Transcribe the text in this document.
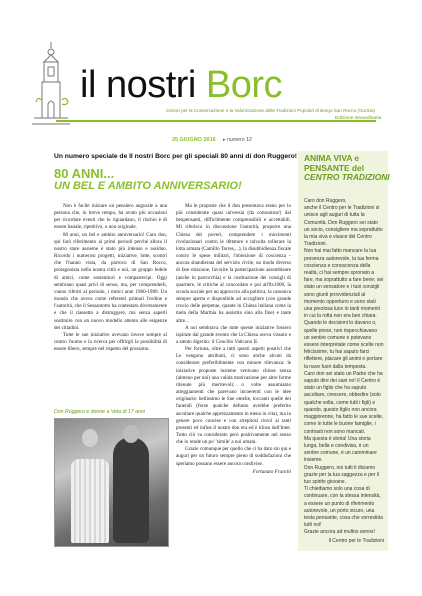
il nostri Borc
Centro per la Conservazione e la Valorizzazione delle Tradizioni Popolari di Borgo San Rocco (Gorizia)
Edizione straordinaria
25 GIUGNO 2016 ▸ numero 12
Un numero speciale de Il nostri Borc per gli speciali 80 anni di don Ruggero!
80 ANNI...
UN BEL E AMBITO ANNIVERSARIO!

Non è facile iniziare un pensiero augurale a una persona che, in breve tempo, ha avuto più occasioni per ricordare eventi che lo riguardano, il rischio è di essere banale, ripetitivo, o non originale.

80 anni, un bel e ambito anniversario! Caro don, qui farò riferimento ai primi periodi perché allora il nostro stare assieme è stato più intenso e assiduo. Ricordo i numerosi progetti, iniziative, lotte, scontri che l'hanno vista, da parroco di San Rocco, protagonista nella nostra città e noi, un gruppo fedele di amici, come sostenitori e compartecipi. Oggi sembrano quasi privi di senso, ma, per comprenderli, vanno riferiti al periodo, i mitici anni 1960-1980. Un mondo che aveva come referenti primari l'ordine e l'autorità, che il Sessantotto ha contestato diversamente e che il riassetto a distruggere, ma senza saperli sostituire con un nuovo modello attento alle esigenze dei cittadini.

Tutte le sue iniziative avevano invece sempre al centro l'uomo e la ricerca per offrirgli la possibilità di essere libero, sempre nel rispetto del prossimo.

Don Ruggero e donne a Vela di 17 anni

Ma le proposte che il don presentava erano per lo più considerate quasi un'eresia (da comunista!) dai benpensanti, difficilmente comprensibili e accettabili. Mi riferisco in discussione l'autorità, proporre una Chiesa dei poveri, comprendere i movimenti rivoluzionari contro le dittature e talvolta tollerare la lotta armata (Camillo Torres,...), la disubbidienza fiscale contro le spese militari, l'obiezione di coscienza - ancora sbandierata del servizio civile, un modo diverso di fare missione, favorire la partecipazione assembleare (anche in parrocchia) e la costituzione dei consigli di quartiere, le critiche al concordato e poi all'8x1000, la scuola sociale per un approccio alla politica, la canonica sempre aperta e disponibile ad accogliere (con grande crucio delle perpetue, quante in Chiesa italiana come la mela della Marthia ha assistito sino alla fine) e tante altre...

A noi sembrava che tutte queste iniziative fossero ispirate dal grande evento che la Chiesa aveva vissuto e a stento digerito: il Concilio Vaticano II.

Per fortuna, oltre a tutti questi aspetti positivi che Le vengono attribuiti, ci sono anche alcuni da considerare preferibilmente con minore rilevanza: le iniziative proposte insieme venivano chiuse senza (almeno per noi) una valida motivazione per altre forme ritenute più meritevoli; o volte assumiamo atteggiamenti che parevano incoerenti con le idee originarie: bellissimo le Sue omelie, toccanti quelle dei funerali (forse qualche defunto avrebbe preferito ascoltare qualche apprezzamento in meno in vita), ma in genere poco concise e con strepitosi rinvii ai tanti presenti ed infine il nostro don era ed è tifoso dell'Inter. Tutto ciò va considerato però positivamente nel senso che lo rende un po' 'simile' a noi umani.

Grazie comunque per quello che ci ha dato sin qui e auguri per un futuro sempre pieno di soddisfazioni che speriamo possano essere ancora condivise.

Fortunato Franchi
ANIMA VIVA e
PENSANTE del
CENTRO TRADIZIONI

Caro don Ruggero,

anche il Centro per le Tradizioni si unisce agli auguri di tutta la Comunità. Don Ruggero sei stato un socio, consigliere ma soprattutto la mia viva e vivace del Centro Tradizioni.

Non hai mai fatto mancare la tua presenza autorevole, la tua ferma coscienza e conoscenza della realtà, ci hai sempre spronato a fare, ma soprattutto a fare bene; sei stato un sensatore e i tuoi consigli sono giunti provvidenziali al momento opportuno e sono stati una preziosa luce in tanti momenti in cui la rotta non era ben chiara.

Quando le decisioni lo davano o, quelle prese, non rispecchiavano un sentire comune e potevano essere interpretate come scelte non felicissime, tu hai saputo farci riflettere, placare gli animi e portare la nave fuori dalla tempesta.

Caro don sei stato un Padre che ha saputo dire dei sani no! Il Centro è stato un figlio che ha saputo ascoltare, crescere, obbedire (solo qualche volta, come tutti i figli) e quando, questo figlio non ancora maggiorenne, ha fatto le sue scelte, come in tutte le buone famiglie, i contrasti non sono mancati.

Ma questa è storia! Una storia lunga, bella e condivisa, è un sentire comune, è un camminare insieme.

Don Ruggero, noi tutti ti diciamo grazie per la tua saggezza e per il tuo spirito giovane.

Ti chiediamo solo una cosa di continuare, con la stessa intensità, a essere un punto di riferimento autorevole, un porto sicuro, una testa pensante, cosa che vorrestida tutti noi!

Grazie ancora ad multos annos!

il Centro per le Tradizioni
